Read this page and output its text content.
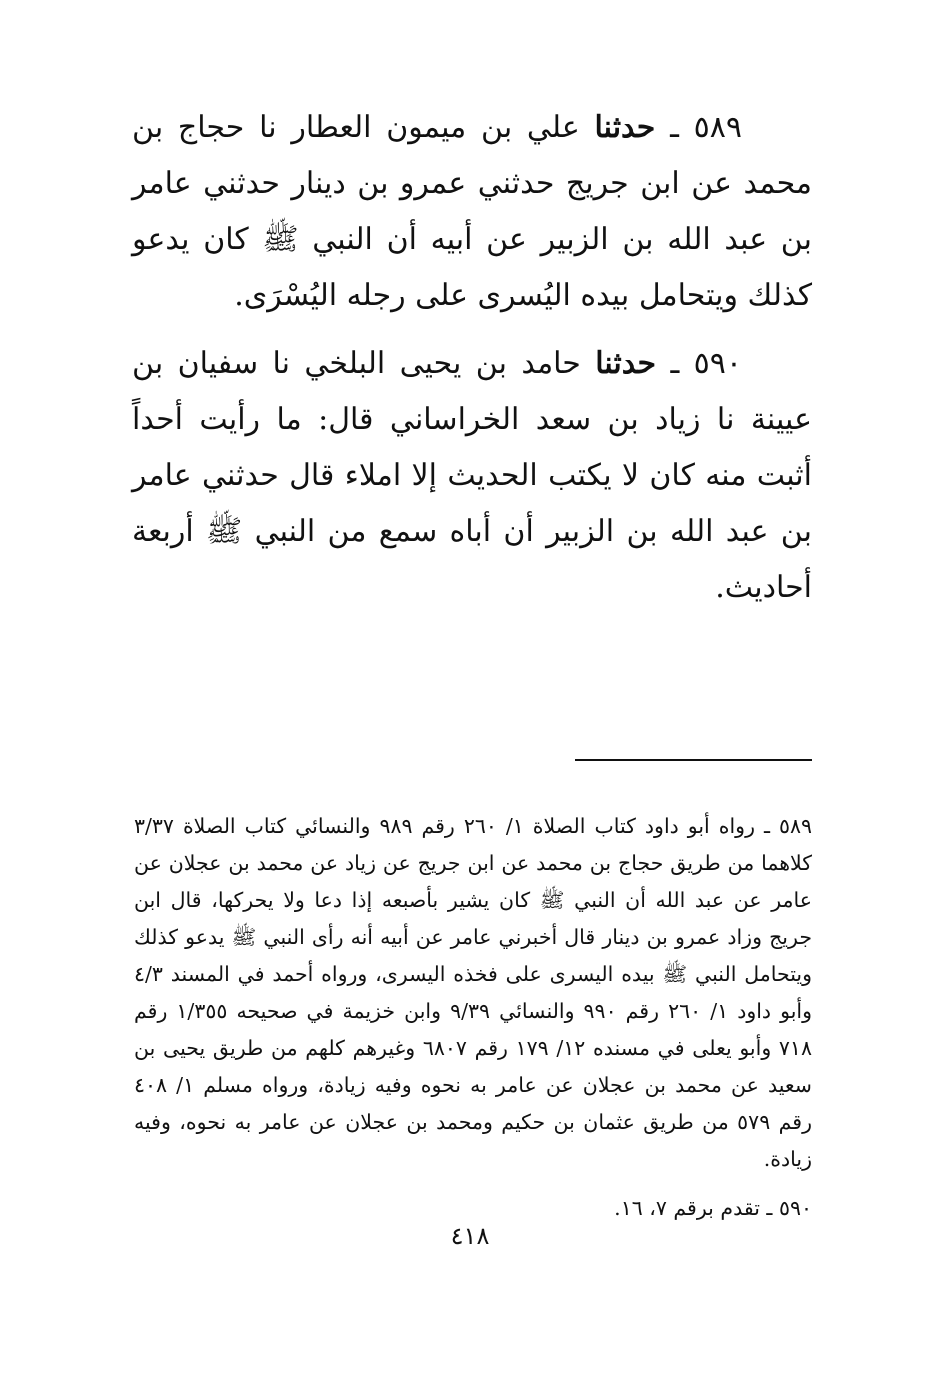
٥٨٩ ـ حدثنا علي بن ميمون العطار نا حجاج بن محمد عن ابن جريج حدثني عمرو بن دينار حدثني عامر بن عبد الله بن الزبير عن أبيه أن النبي ﷺ كان يدعو كذلك ويتحامل بيده اليُسرى على رجله اليُسْرَى.

٥٩٠ ـ حدثنا حامد بن يحيى البلخي نا سفيان بن عيينة نا زياد بن سعد الخراساني قال: ما رأيت أحداً أثبت منه كان لا يكتب الحديث إلا املاء قال حدثني عامر بن عبد الله بن الزبير أن أباه سمع من النبي ﷺ أربعة أحاديث.

٥٨٩ ـ رواه أبو داود كتاب الصلاة ١/ ٢٦٠ رقم ٩٨٩ والنسائي كتاب الصلاة ٣/٣٧ كلاهما من طريق حجاج بن محمد عن ابن جريج عن زياد عن محمد بن عجلان عن عامر عن عبد الله أن النبي ﷺ كان يشير بأصبعه إذا دعا ولا يحركها، قال ابن جريج وزاد عمرو بن دينار قال أخبرني عامر عن أبيه أنه رأى النبي ﷺ يدعو كذلك ويتحامل النبي ﷺ بيده اليسرى على فخذه اليسرى، ورواه أحمد في المسند ٤/٣ وأبو داود ١/ ٢٦٠ رقم ٩٩٠ والنسائي ٩/٣٩ وابن خزيمة في صحيحه ١/٣٥٥ رقم ٧١٨ وأبو يعلى في مسنده ١٢/ ١٧٩ رقم ٦٨٠٧ وغيرهم كلهم من طريق يحيى بن سعيد عن محمد بن عجلان عن عامر به نحوه وفيه زيادة، ورواه مسلم ١/ ٤٠٨ رقم ٥٧٩ من طريق عثمان بن حكيم ومحمد بن عجلان عن عامر به نحوه، وفيه زيادة.

٥٩٠ ـ تقدم برقم ٧، ١٦.

٤١٨
